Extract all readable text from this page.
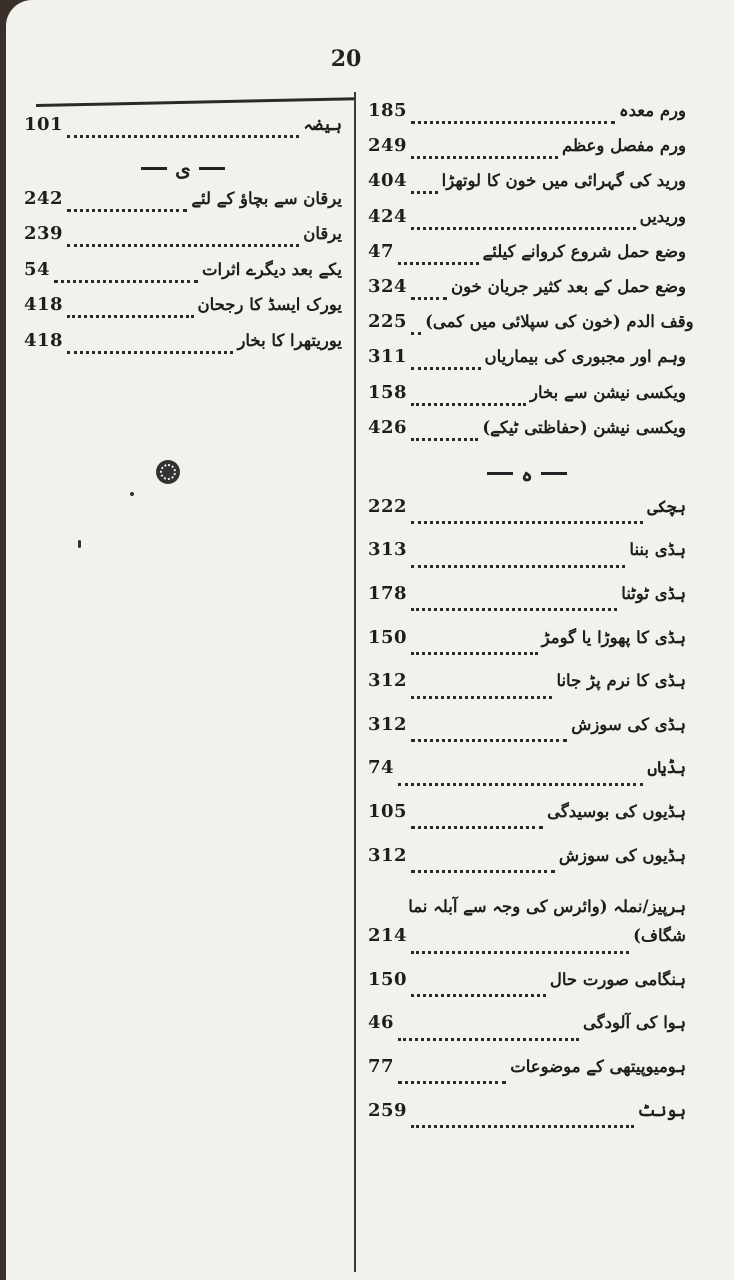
20
101	ہیضہ
ی
242	یرقان سے بچاؤ کے لئے
239	یرقان
54	یکے بعد دیگرے اثرات
418	یورک ایسڈ کا رجحان
418	یوریتھرا کا بخار
185	ورم معدہ
249	ورم مفصل وعظم
404 ورید کی گہرائی میں خون کا لوتھڑا
424	وریدیں
47	وضع حمل شروع کروانے کیلئے
324	وضع حمل کے بعد کثیر جریان خون
225 وقف الدم (خون کی سپلائی میں کمی)
311	وہم اور مجبوری کی بیماریاں
158	ویکسی نیشن سے بخار
426	ویکسی نیشن (حفاظتی ٹیکے)
ہ
222	ہچکی
313	ہڈی بننا
178	ہڈی ٹوٹنا
150	ہڈی کا پھوڑا یا گومڑ
312	ہڈی کا نرم پڑ جانا
312	ہڈی کی سوزش
74	ہڈیاں
105	ہڈیوں کی بوسیدگی
312	ہڈیوں کی سوزش
ہرپیز/نملہ (وائرس کی وجہ سے آبلہ نما
214	شگاف)
150	ہنگامی صورت حال
46	ہوا کی آلودگی
77	ہومیوپیتھی کے موضوعات
259	ہونٹ
